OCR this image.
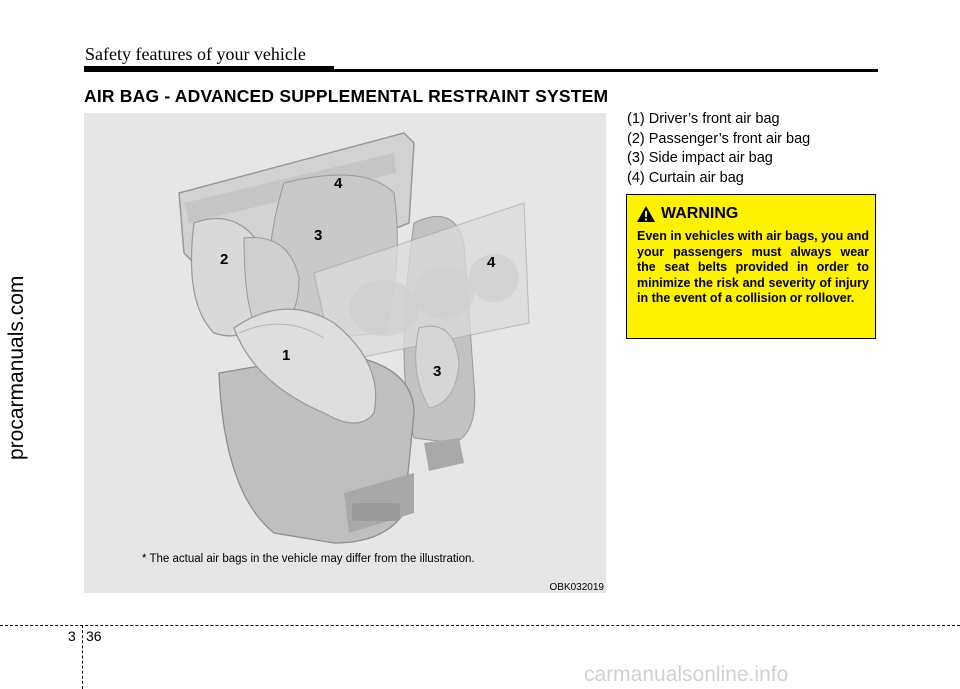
Safety features of your vehicle
AIR BAG - ADVANCED SUPPLEMENTAL RESTRAINT SYSTEM
4
3
2	4
1
3
* The actual air bags in the vehicle may differ from the illustration.
OBK032019
(1) Driver’s front air bag
(2) Passenger’s front air bag
(3) Side impact air bag
(4) Curtain air bag
WARNING
Even in vehicles with air bags, you and your passengers must always wear the seat belts provided in order to minimize the risk and severity of injury in the event of a collision or rollover.
3 36
procarmanuals.com
carmanualsonline.info
